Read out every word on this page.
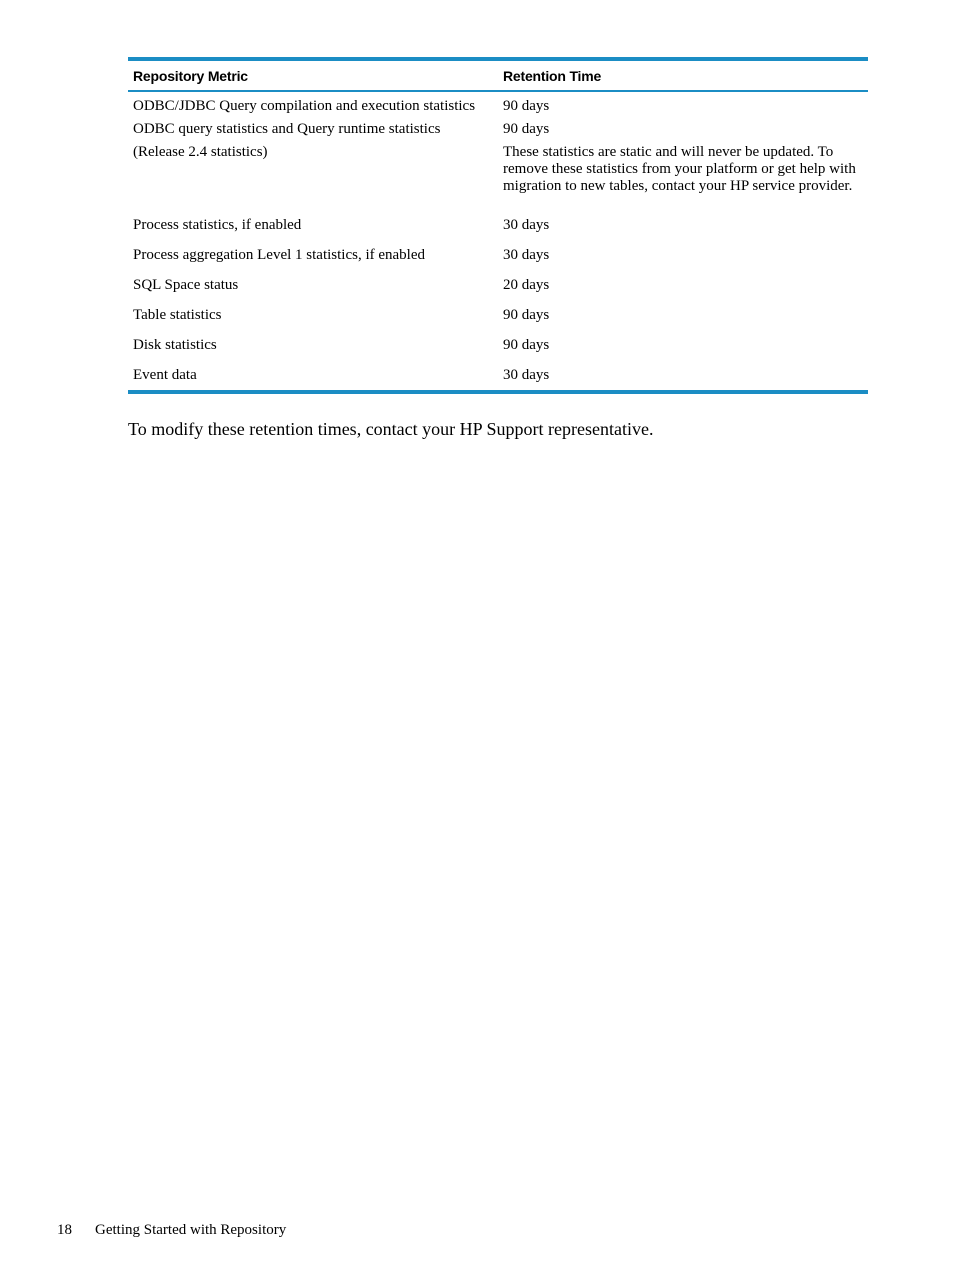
Repository Metric	Retention Time
ODBC/JDBC Query compilation and execution statistics	90 days
ODBC query statistics and Query runtime statistics	90 days
(Release 2.4 statistics)	These statistics are static and will never be updated. To remove these statistics from your platform or get help with migration to new tables, contact your HP service provider.
Process statistics, if enabled	30 days
Process aggregation Level 1 statistics, if enabled	30 days
SQL Space status	20 days
Table statistics	90 days
Disk statistics	90 days
Event data	30 days

To modify these retention times, contact your HP Support representative.

18 Getting Started with Repository
